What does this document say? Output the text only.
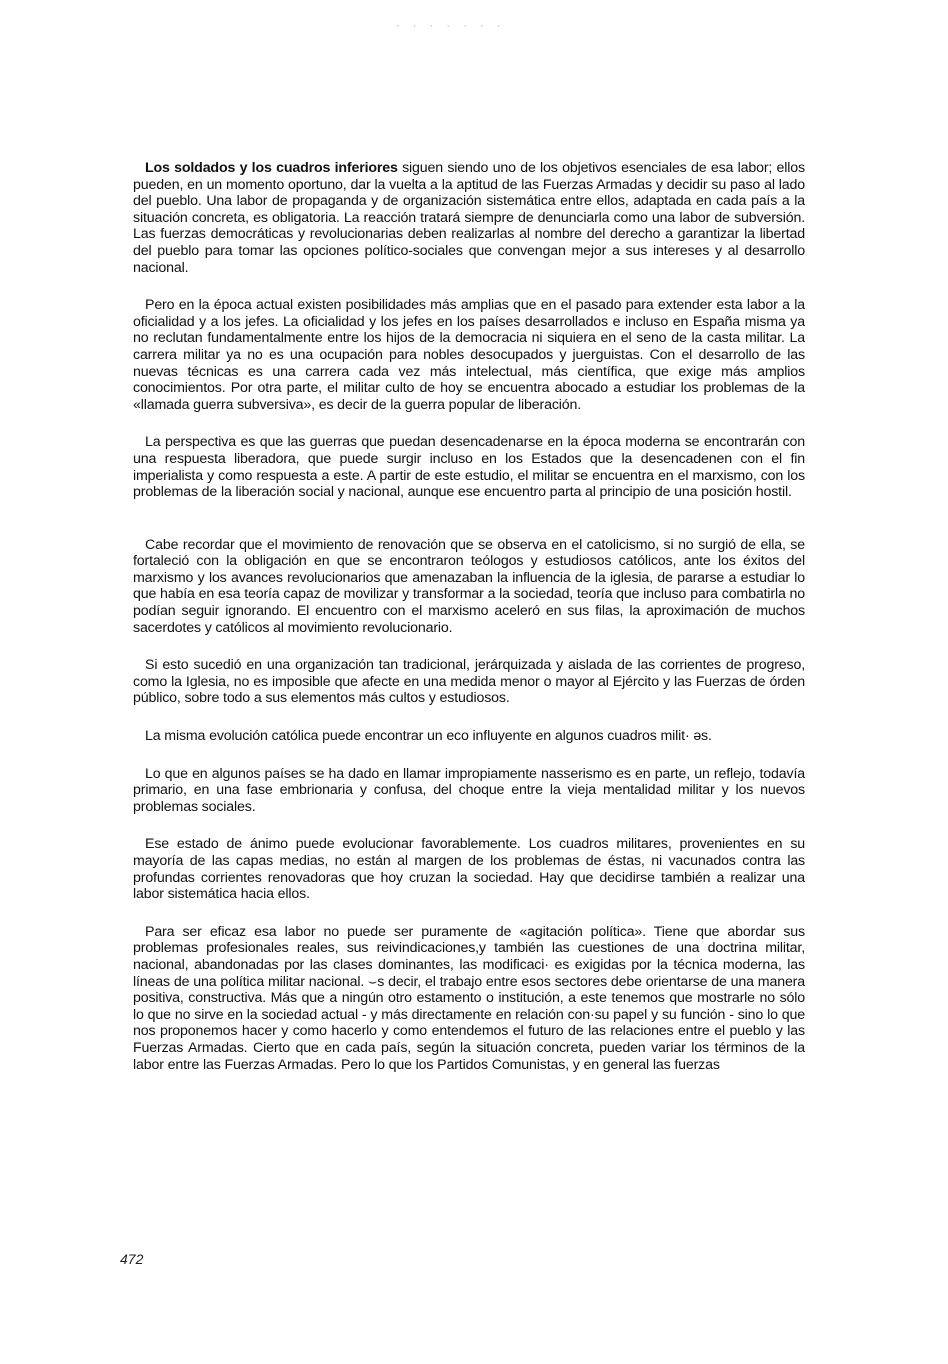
· · · · · · ·

Los soldados y los cuadros inferiores siguen siendo uno de los objetivos esenciales de esa labor; ellos pueden, en un momento oportuno, dar la vuelta a la aptitud de las Fuerzas Armadas y decidir su paso al lado del pueblo. Una labor de propaganda y de organización sistemática entre ellos, adaptada en cada país a la situación concreta, es obligatoria. La reacción tratará siempre de denunciarla como una labor de subversión. Las fuerzas democráticas y revolucionarias deben realizarlas al nombre del derecho a garantizar la libertad del pueblo para tomar las opciones político-sociales que convengan mejor a sus intereses y al desarrollo nacional.

Pero en la época actual existen posibilidades más amplias que en el pasado para extender esta labor a la oficialidad y a los jefes. La oficialidad y los jefes en los países desarrollados e incluso en España misma ya no reclutan fundamentalmente entre los hijos de la democracia ni siquiera en el seno de la casta militar. La carrera militar ya no es una ocupación para nobles desocupados y juerguistas. Con el desarrollo de las nuevas técnicas es una carrera cada vez más intelectual, más científica, que exige más amplios conocimientos. Por otra parte, el militar culto de hoy se encuentra abocado a estudiar los problemas de la «llamada guerra subversiva», es decir de la guerra popular de liberación.

La perspectiva es que las guerras que puedan desencadenarse en la época moderna se encontrarán con una respuesta liberadora, que puede surgir incluso en los Estados que la desencadenen con el fin imperialista y como respuesta a este. A partir de este estudio, el militar se encuentra en el marxismo, con los problemas de la liberación social y nacional, aunque ese encuentro parta al principio de una posición hostil.

Cabe recordar que el movimiento de renovación que se observa en el catolicismo, si no surgió de ella, se fortaleció con la obligación en que se encontraron teólogos y estudiosos católicos, ante los éxitos del marxismo y los avances revolucionarios que amenazaban la influencia de la iglesia, de pararse a estudiar lo que había en esa teoría capaz de movilizar y transformar a la sociedad, teoría que incluso para combatirla no podían seguir ignorando. El encuentro con el marxismo aceleró en sus filas, la aproximación de muchos sacerdotes y católicos al movimiento revolucionario.

Si esto sucedió en una organización tan tradicional, jerárquizada y aislada de las corrientes de progreso, como la Iglesia, no es imposible que afecte en una medida menor o mayor al Ejército y las Fuerzas de órden público, sobre todo a sus elementos más cultos y estudiosos.

La misma evolución católica puede encontrar un eco influyente en algunos cuadros milit· əs.

Lo que en algunos países se ha dado en llamar impropiamente nasserismo es en parte, un reflejo, todavía primario, en una fase embrionaria y confusa, del choque entre la vieja mentalidad militar y los nuevos problemas sociales.

Ese estado de ánimo puede evolucionar favorablemente. Los cuadros militares, provenientes en su mayoría de las capas medias, no están al margen de los problemas de éstas, ni vacunados contra las profundas corrientes renovadoras que hoy cruzan la sociedad. Hay que decidirse también a realizar una labor sistemática hacia ellos.

Para ser eficaz esa labor no puede ser puramente de «agitación política». Tiene que abordar sus problemas profesionales reales, sus reivindicaciones,y también las cuestiones de una doctrina militar, nacional, abandonadas por las clases dominantes, las modificaci· es exigidas por la técnica moderna, las líneas de una política militar nacional. ⌣s decir, el trabajo entre esos sectores debe orientarse de una manera positiva, constructiva. Más que a ningún otro estamento o institución, a este tenemos que mostrarle no sólo lo que no sirve en la sociedad actual - y más directamente en relación con·su papel y su función - sino lo que nos proponemos hacer y como hacerlo y como entendemos el futuro de las relaciones entre el pueblo y las Fuerzas Armadas. Cierto que en cada país, según la situación concreta, pueden variar los términos de la labor entre las Fuerzas Armadas. Pero lo que los Partidos Comunistas, y en general las fuerzas

472
